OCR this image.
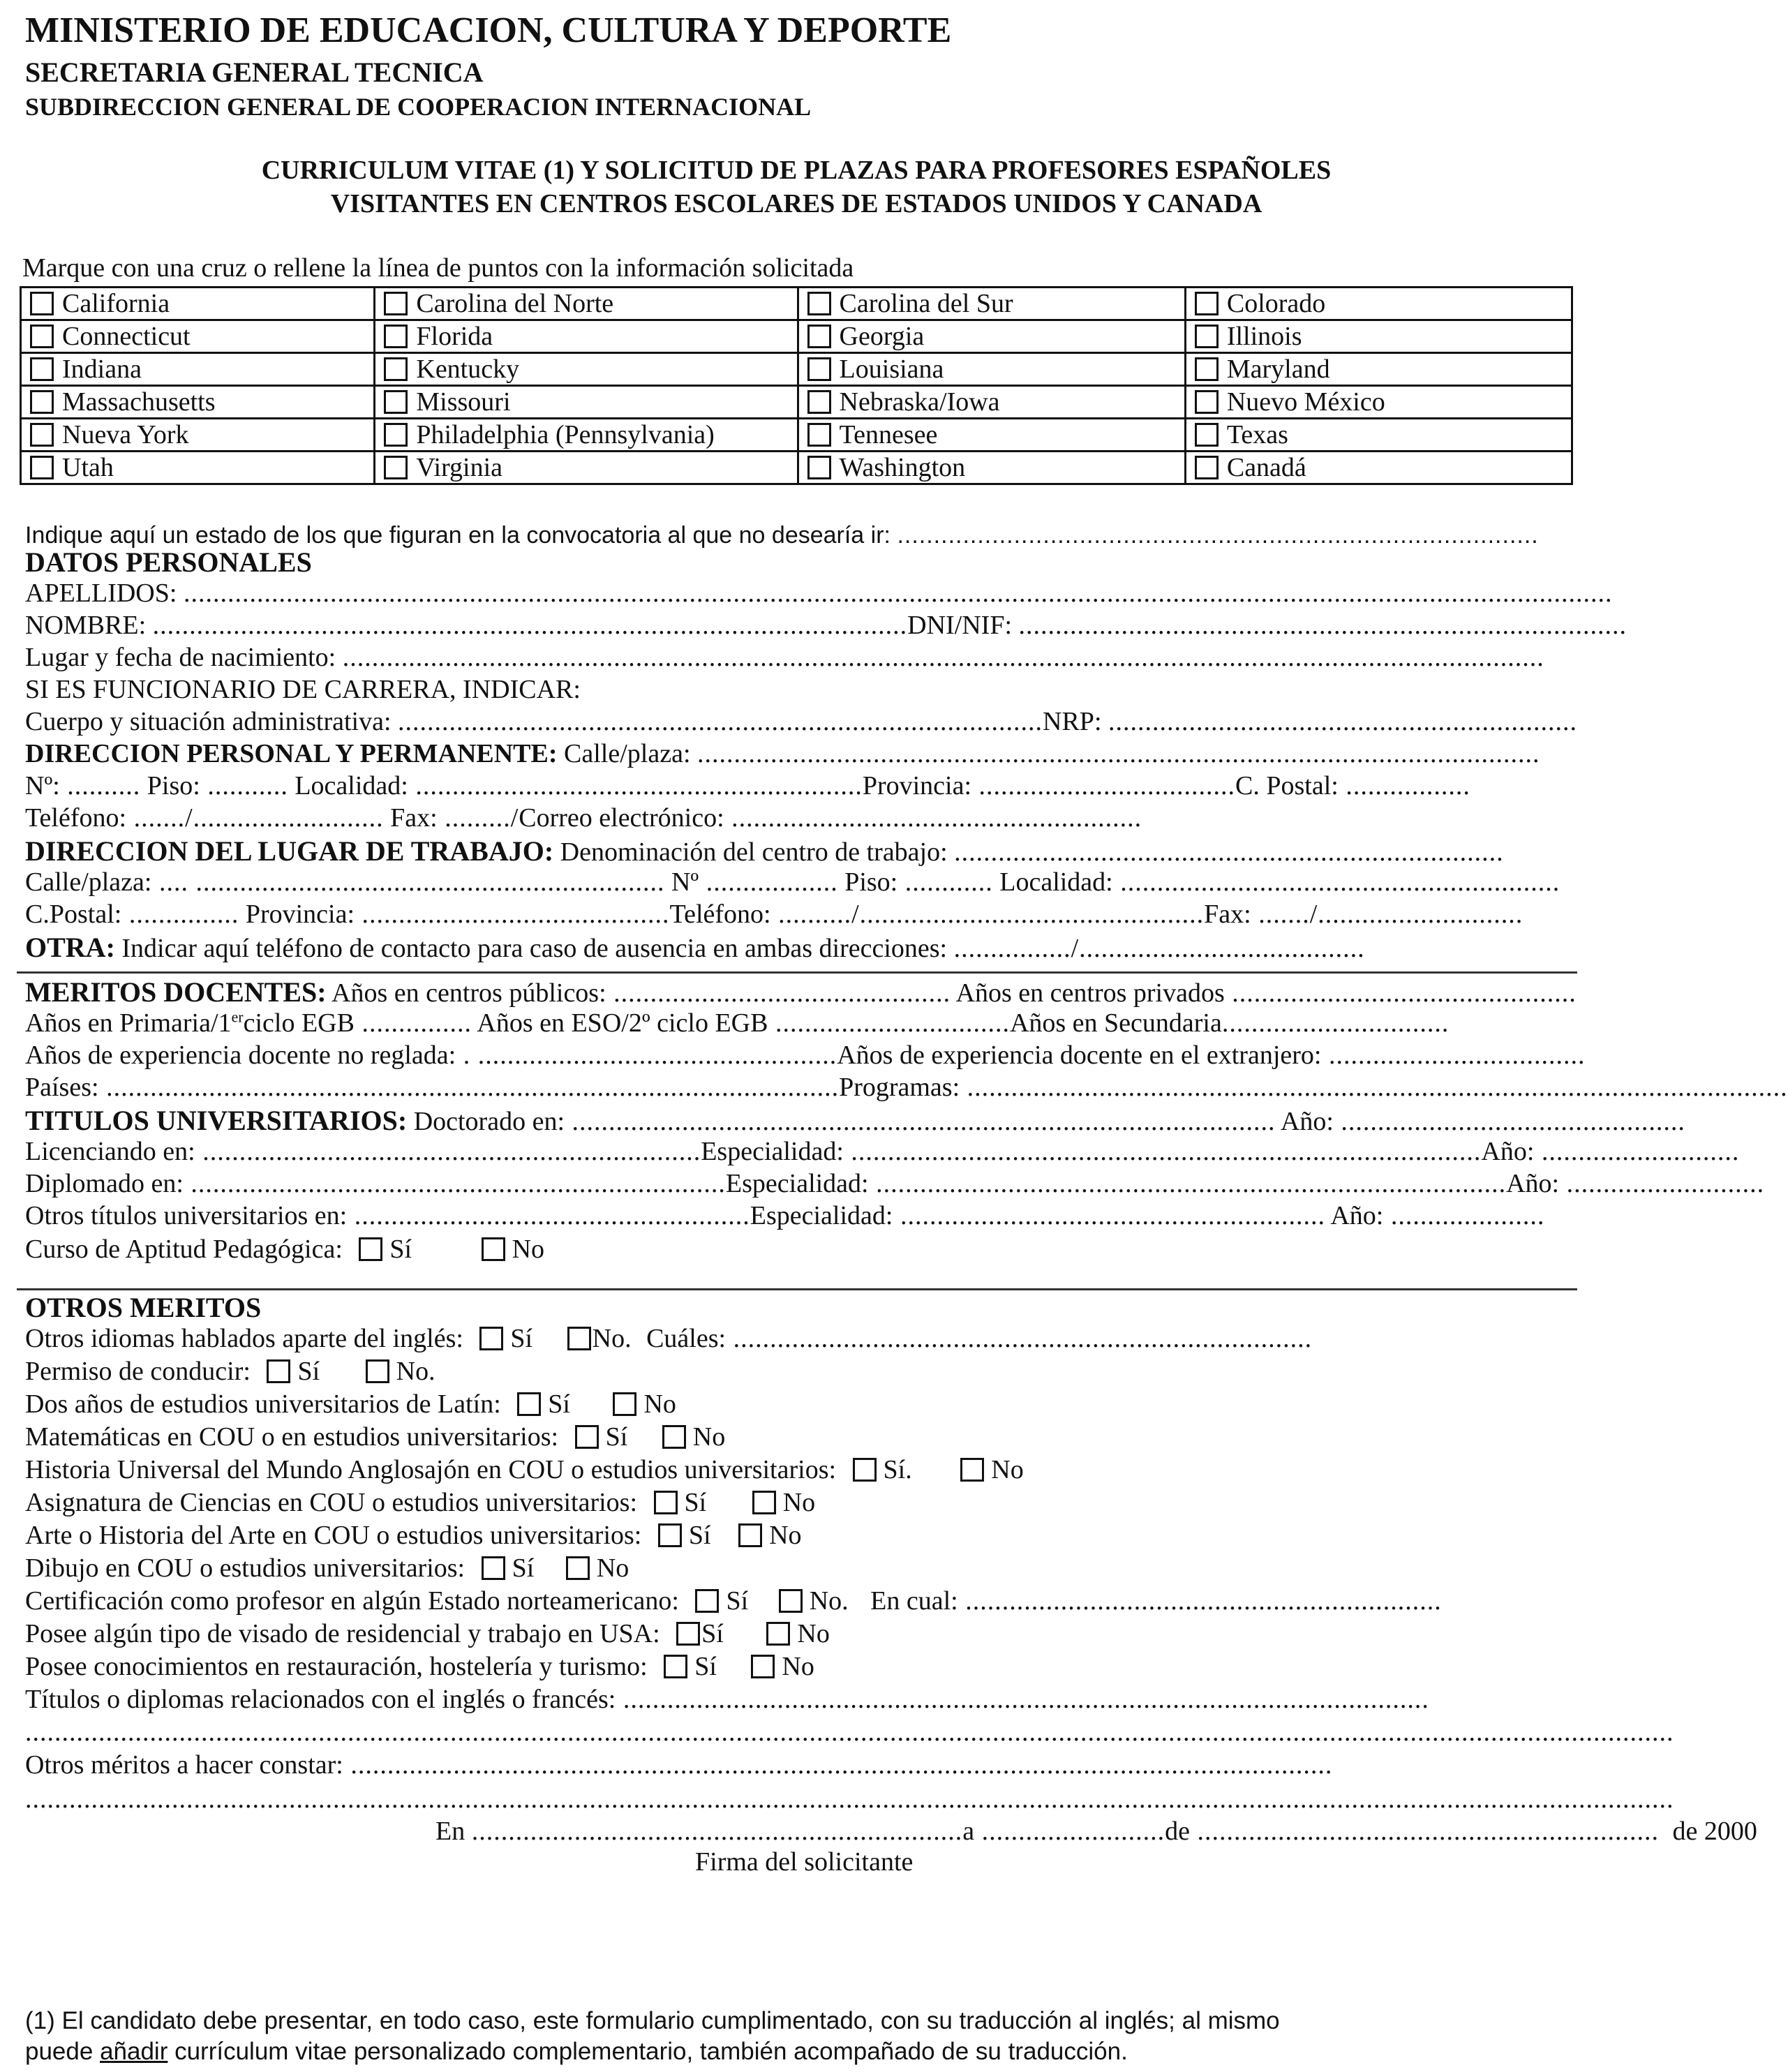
MINISTERIO DE EDUCACION, CULTURA Y DEPORTE
SECRETARIA GENERAL TECNICA
SUBDIRECCION GENERAL DE COOPERACION INTERNACIONAL
CURRICULUM VITAE (1) Y SOLICITUD DE PLAZAS PARA PROFESORES ESPAÑOLES
VISITANTES EN CENTROS ESCOLARES DE ESTADOS UNIDOS Y CANADA
Marque con una cruz o rellene la línea de puntos con la información solicitada
California	Carolina del Norte	Carolina del Sur	Colorado
Connecticut	Florida	Georgia	Illinois
Indiana	Kentucky	Louisiana	Maryland
Massachusetts	Missouri	Nebraska/Iowa	Nuevo México
Nueva York	Philadelphia (Pennsylvania)	Tennesee	Texas
Utah	Virginia	Washington	Canadá
Indique aquí un estado de los que figuran en la convocatoria al que no desearía ir: ........................................................................................
DATOS PERSONALES
APELLIDOS: ...................................................................................................................................................................................................
NOMBRE: .......................................................................................................DNI/NIF: ...................................................................................
Lugar y fecha de nacimiento: ....................................................................................................................................................................
SI ES FUNCIONARIO DE CARRERA, INDICAR:
Cuerpo y situación administrativa: ........................................................................................NRP: ................................................................
DIRECCION PERSONAL Y PERMANENTE: Calle/plaza: ...................................................................................................................
Nº: .......... Piso: ........... Localidad: .............................................................Provincia: ...................................C. Postal: .................
Teléfono: ......./.......................... Fax: ........./Correo electrónico: ........................................................
DIRECCION DEL LUGAR DE TRABAJO: Denominación del centro de trabajo: ...........................................................................
Calle/plaza: .... ................................................................ Nº .................. Piso: ............ Localidad: ............................................................
C.Postal: ............... Provincia: ..........................................Teléfono: ........../...............................................Fax: ......./............................
OTRA: Indicar aquí teléfono de contacto para caso de ausencia en ambas direcciones: ................/.......................................
MERITOS DOCENTES: Años en centros públicos: .............................................. Años en centros privados ...............................................
Años en Primaria/1erciclo EGB ............... Años en ESO/2º ciclo EGB ................................Años en Secundaria...............................
Años de experiencia docente no reglada: . .................................................Años de experiencia docente en el extranjero: ...................................
Países: ....................................................................................................Programas: ................................................................................................................
TITULOS UNIVERSITARIOS: Doctorado en: ................................................................................................ Año: ...............................................
Licenciando en: ....................................................................Especialidad: ......................................................................................Año: ...........................
Diplomado en: .........................................................................Especialidad: ......................................................................................Año: ...........................
Otros títulos universitarios en: ......................................................Especialidad: .......................................................... Año: .....................
Curso de Aptitud Pedagógica: Sí	No
OTROS MERITOS
Otros idiomas hablados aparte del inglés: Sí No. Cuáles: ...............................................................................
Permiso de conducir: Sí	No.
Dos años de estudios universitarios de Latín: Sí	No
Matemáticas en COU o en estudios universitarios: Sí No
Historia Universal del Mundo Anglosajón en COU o estudios universitarios: Sí.	No
Asignatura de Ciencias en COU o estudios universitarios: Sí	No
Arte o Historia del Arte en COU o estudios universitarios: Sí No
Dibujo en COU o estudios universitarios: Sí No
Certificación como profesor en algún Estado norteamericano: Sí No. En cual: .................................................................
Posee algún tipo de visado de residencial y trabajo en USA: Sí	No
Posee conocimientos en restauración, hostelería y turismo: Sí No
Títulos o diplomas relacionados con el inglés o francés: ..............................................................................................................
.................................................................................................................................................................................................................................
Otros méritos a hacer constar: ......................................................................................................................................
.................................................................................................................................................................................................................................
En ...................................................................a .........................de ............................................................... de 2000
Firma del solicitante
(1) El candidato debe presentar, en todo caso, este formulario cumplimentado, con su traducción al inglés; al mismo
puede añadir currículum vitae personalizado complementario, también acompañado de su traducción.
